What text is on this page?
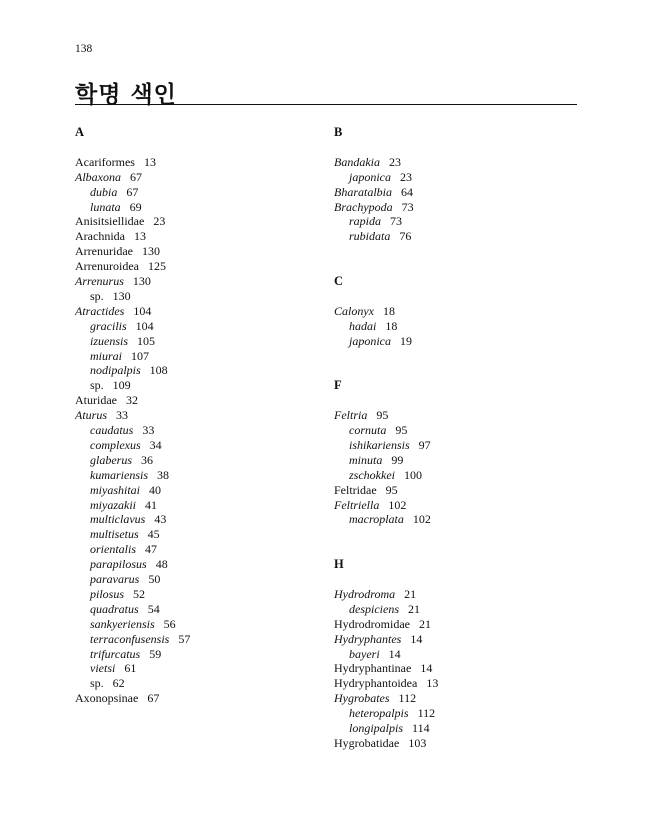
138
학명 색인
A
Acariformes 13
Albaxona 67
dubia 67
lunata 69
Anisitsiellidae 23
Arachnida 13
Arrenuridae 130
Arrenuroidea 125
Arrenurus 130
sp. 130
Atractides 104
gracilis 104
izuensis 105
miurai 107
nodipalpis 108
sp. 109
Aturidae 32
Aturus 33
caudatus 33
complexus 34
glaberus 36
kumariensis 38
miyashitai 40
miyazakii 41
multiclavus 43
multisetus 45
orientalis 47
parapilosus 48
paravarus 50
pilosus 52
quadratus 54
sankyeriensis 56
terraconfusensis 57
trifurcatus 59
vietsi 61
sp. 62
Axonopsinae 67
B
Bandakia 23
japonica 23
Bharatalbia 64
Brachypoda 73
rapida 73
rubidata 76
C
Calonyx 18
hadai 18
japonica 19
F
Feltria 95
cornuta 95
ishikariensis 97
minuta 99
zschokkei 100
Feltridae 95
Feltriella 102
macroplata 102
H
Hydrodroma 21
despiciens 21
Hydrodromidae 21
Hydryphantes 14
bayeri 14
Hydryphantinae 14
Hydryphantoidea 13
Hygrobates 112
heteropalpis 112
longipalpis 114
Hygrobatidae 103
